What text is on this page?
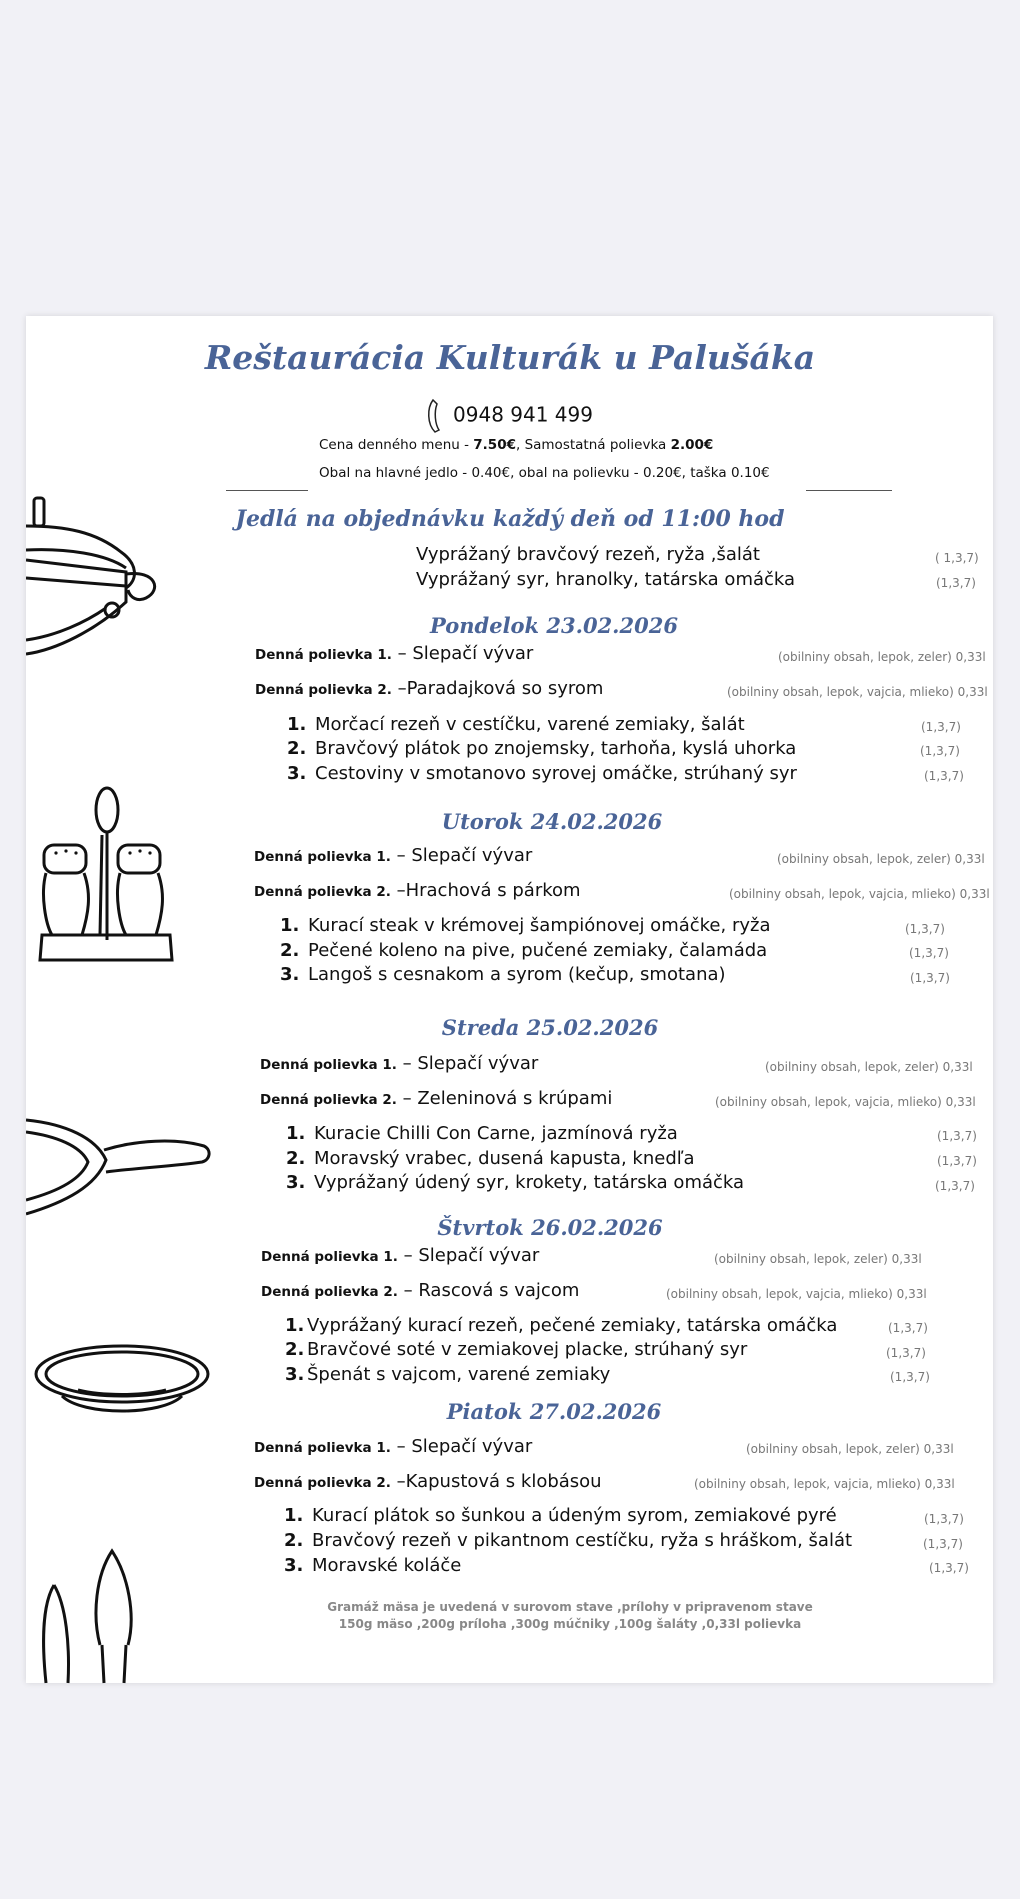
Reštaurácia Kulturák u Palušáka
0948 941 499
Cena denného menu - 7.50€, Samostatná polievka 2.00€
Obal na hlavné jedlo - 0.40€, obal na polievku - 0.20€, taška 0.10€
Jedlá na objednávku každý deň od 11:00 hod
Vyprážaný bravčový rezeň, ryža ,šalát	( 1,3,7)
Vyprážaný syr, hranolky, tatárska omáčka	(1,3,7)
Pondelok 23.02.2026
Denná polievka 1. – Slepačí vývar	(obilniny obsah, lepok, zeler) 0,33l
Denná polievka 2. –Paradajková so syrom	(obilniny obsah, lepok, vajcia, mlieko) 0,33l
1. Morčací rezeň v cestíčku, varené zemiaky, šalát	(1,3,7)
2. Bravčový plátok po znojemsky, tarhoňa, kyslá uhorka	(1,3,7)
3. Cestoviny v smotanovo syrovej omáčke, strúhaný syr	(1,3,7)
Utorok 24.02.2026
Denná polievka 1. – Slepačí vývar	(obilniny obsah, lepok, zeler) 0,33l
Denná polievka 2. –Hrachová s párkom	(obilniny obsah, lepok, vajcia, mlieko) 0,33l
1. Kurací steak v krémovej šampiónovej omáčke, ryža	(1,3,7)
2. Pečené koleno na pive, pučené zemiaky, čalamáda	(1,3,7)
3. Langoš s cesnakom a syrom (kečup, smotana)	(1,3,7)
Streda 25.02.2026
Denná polievka 1. – Slepačí vývar	(obilniny obsah, lepok, zeler) 0,33l
Denná polievka 2. – Zeleninová s krúpami	(obilniny obsah, lepok, vajcia, mlieko) 0,33l
1. Kuracie Chilli Con Carne, jazmínová ryža	(1,3,7)
2. Moravský vrabec, dusená kapusta, knedľa	(1,3,7)
3. Vyprážaný údený syr, krokety, tatárska omáčka	(1,3,7)
Štvrtok 26.02.2026
Denná polievka 1. – Slepačí vývar	(obilniny obsah, lepok, zeler) 0,33l
Denná polievka 2. – Rascová s vajcom	(obilniny obsah, lepok, vajcia, mlieko) 0,33l
1. Vyprážaný kurací rezeň, pečené zemiaky, tatárska omáčka	(1,3,7)
2. Bravčové soté v zemiakovej placke, strúhaný syr	(1,3,7)
3. Špenát s vajcom, varené zemiaky	(1,3,7)
Piatok 27.02.2026
Denná polievka 1. – Slepačí vývar	(obilniny obsah, lepok, zeler) 0,33l
Denná polievka 2. –Kapustová s klobásou	(obilniny obsah, lepok, vajcia, mlieko) 0,33l
1. Kurací plátok so šunkou a údeným syrom, zemiakové pyré	(1,3,7)
2. Bravčový rezeň v pikantnom cestíčku, ryža s hráškom, šalát	(1,3,7)
3. Moravské koláče	(1,3,7)
Gramáž mäsa je uvedená v surovom stave ,prílohy v pripravenom stave
150g mäso ,200g príloha ,300g múčniky ,100g šaláty ,0,33l polievka
